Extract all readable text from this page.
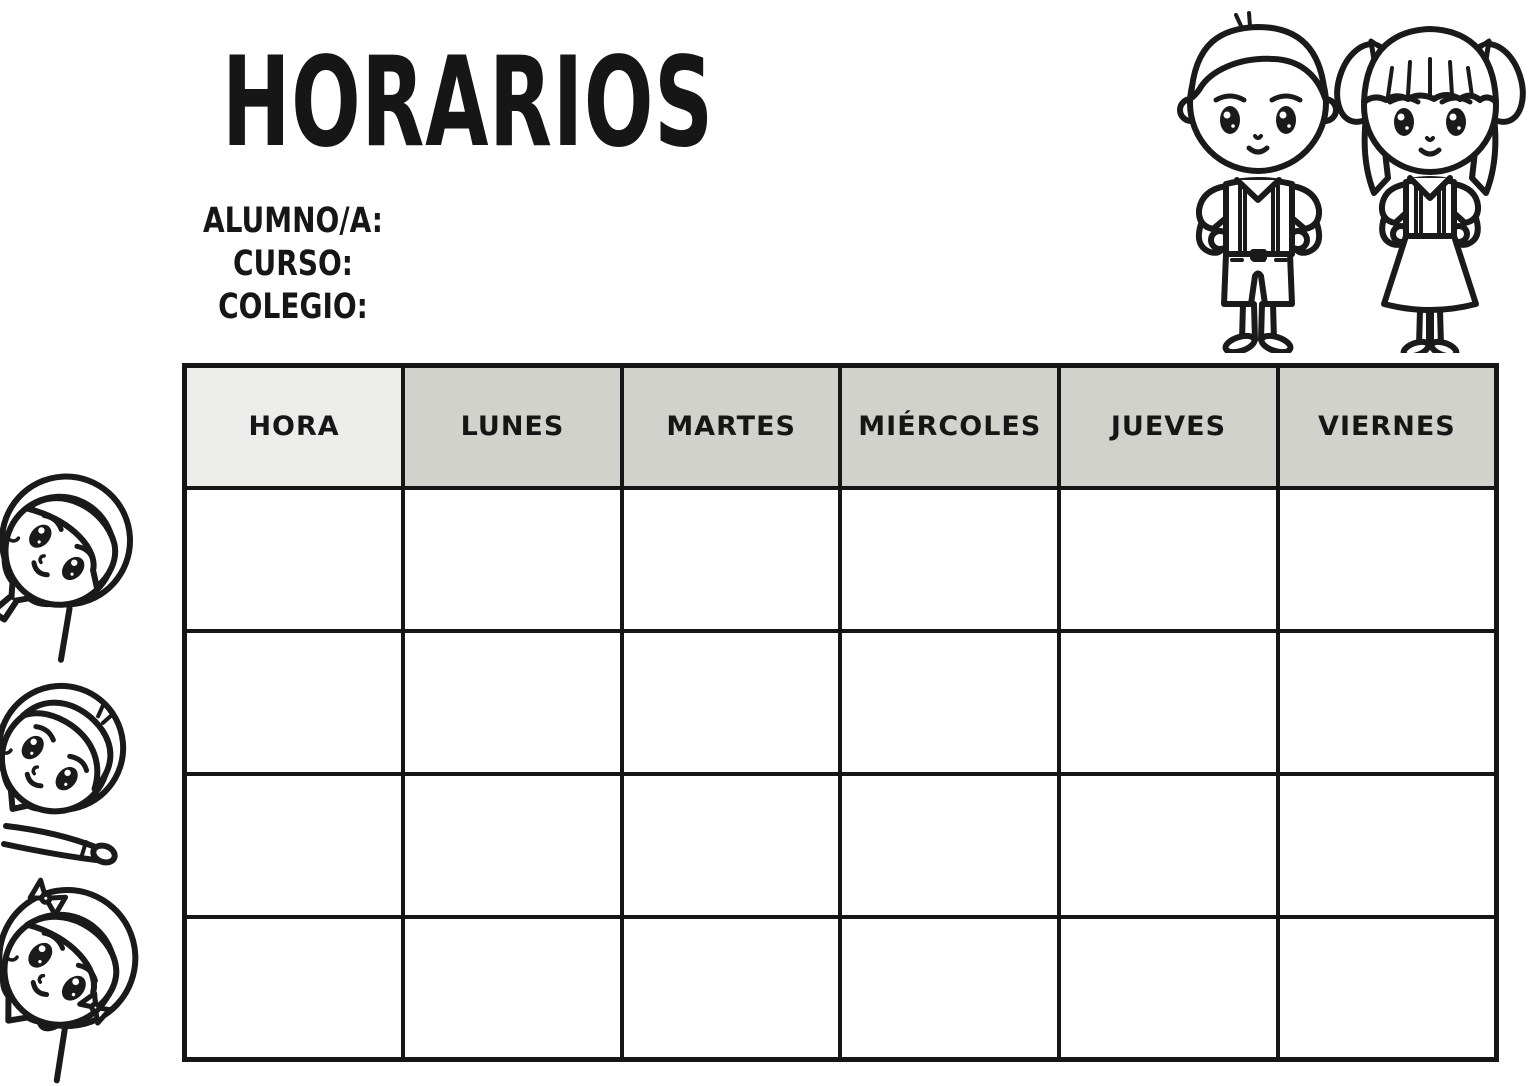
HORARIOS
ALUMNO/A:
CURSO:
COLEGIO:
HORA	LUNES	MARTES	MIÉRCOLES	JUEVES	VIERNES
